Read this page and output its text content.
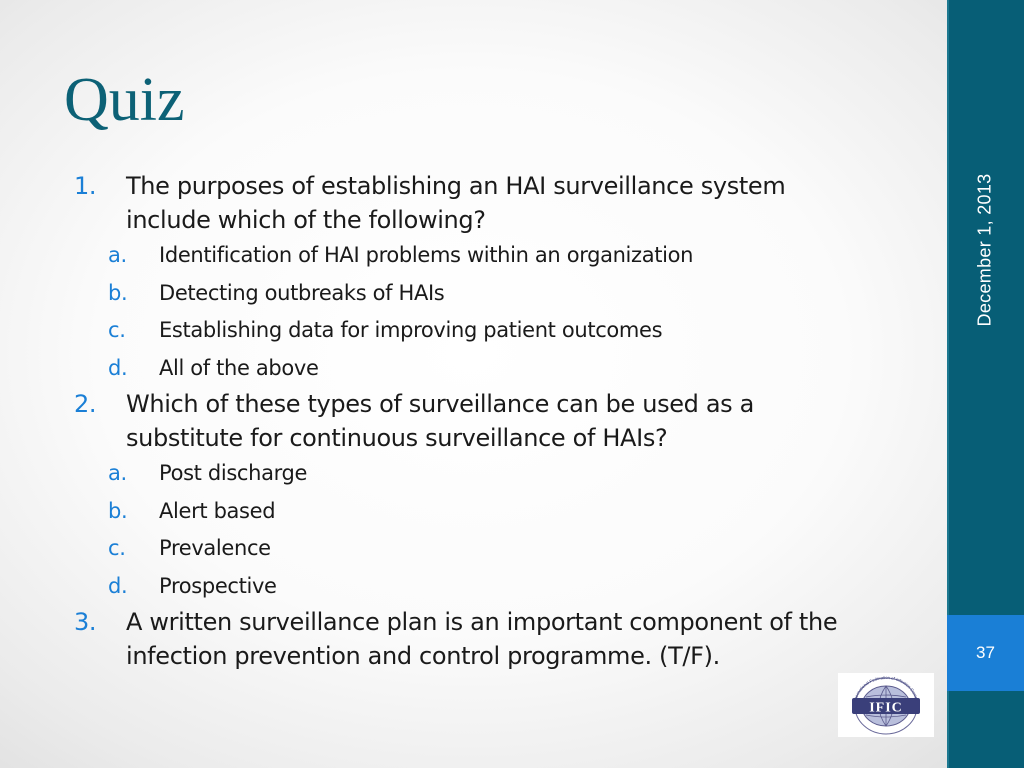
December 1, 2013
37
Quiz
1. The purposes of establishing an HAI surveillance system include which of the following?
a. Identification of HAI problems within an organization
b. Detecting outbreaks of HAIs
c. Establishing data for improving patient outcomes
d. All of the above
2. Which of these types of surveillance can be used as a substitute for continuous surveillance of HAIs?
a. Post discharge
b. Alert based
c. Prevalence
d. Prospective
3. A written surveillance plan is an important component of the infection prevention and control programme. (T/F).
IFIC
International Federation of Infection Control
